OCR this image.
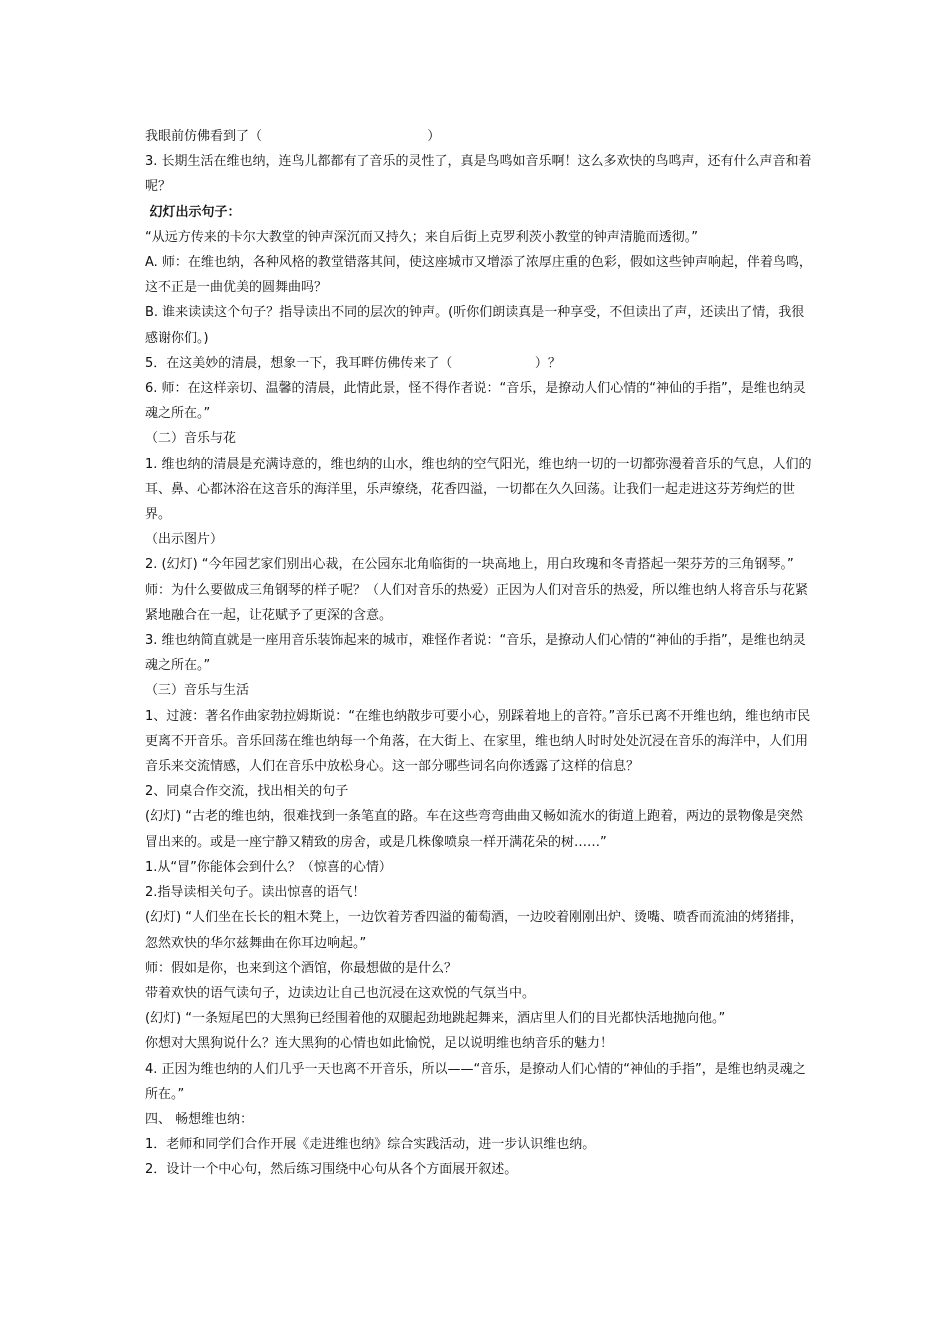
我眼前仿佛看到了（                                        ）

3. 长期生活在维也纳，连鸟儿都都有了音乐的灵性了，真是鸟鸣如音乐啊！这么多欢快的鸟鸣声，还有什么声音和着呢？

幻灯出示句子：

“从远方传来的卡尔大教堂的钟声深沉而又持久；来自后街上克罗利茨小教堂的钟声清脆而透彻。”

A. 师：在维也纳，各种风格的教堂错落其间，使这座城市又增添了浓厚庄重的色彩，假如这些钟声响起，伴着鸟鸣，这不正是一曲优美的圆舞曲吗？

B. 谁来读读这个句子？指导读出不同的层次的钟声。(听你们朗读真是一种享受，不但读出了声，还读出了情，我很感谢你们。)

5．在这美妙的清晨，想象一下，我耳畔仿佛传来了（                    ）？

6. 师：在这样亲切、温馨的清晨，此情此景，怪不得作者说：“音乐，是撩动人们心情的“神仙的手指”，是维也纳灵魂之所在。”

（二）音乐与花

1. 维也纳的清晨是充满诗意的，维也纳的山水，维也纳的空气阳光，维也纳一切的一切都弥漫着音乐的气息，人们的耳、鼻、心都沐浴在这音乐的海洋里，乐声缭绕，花香四溢，一切都在久久回荡。让我们一起走进这芬芳绚烂的世界。

（出示图片）

2. (幻灯) “今年园艺家们别出心裁，在公园东北角临街的一块高地上，用白玫瑰和冬青搭起一架芬芳的三角钢琴。”

师：为什么要做成三角钢琴的样子呢？（人们对音乐的热爱）正因为人们对音乐的热爱，所以维也纳人将音乐与花紧紧地融合在一起，让花赋予了更深的含意。

3. 维也纳简直就是一座用音乐装饰起来的城市，难怪作者说：“音乐，是撩动人们心情的“神仙的手指”，是维也纳灵魂之所在。”

（三）音乐与生活

1、过渡：著名作曲家勃拉姆斯说：“在维也纳散步可要小心，别踩着地上的音符。”音乐已离不开维也纳，维也纳市民更离不开音乐。音乐回荡在维也纳每一个角落，在大街上、在家里，维也纳人时时处处沉浸在音乐的海洋中，人们用音乐来交流情感，人们在音乐中放松身心。这一部分哪些词名向你透露了这样的信息？

2、同桌合作交流，找出相关的句子

(幻灯) “古老的维也纳，很难找到一条笔直的路。车在这些弯弯曲曲又畅如流水的街道上跑着，两边的景物像是突然冒出来的。或是一座宁静又精致的房舍，或是几株像喷泉一样开满花朵的树……”

1.从“冒”你能体会到什么？（惊喜的心情）

2.指导读相关句子。读出惊喜的语气！

(幻灯) “人们坐在长长的粗木凳上，一边饮着芳香四溢的葡萄酒，一边咬着刚刚出炉、烫嘴、喷香而流油的烤猪排，忽然欢快的华尔兹舞曲在你耳边响起。”

师：假如是你，也来到这个酒馆，你最想做的是什么？

带着欢快的语气读句子，边读边让自己也沉浸在这欢悦的气氛当中。

(幻灯) “一条短尾巴的大黑狗已经围着他的双腿起劲地跳起舞来，酒店里人们的目光都快活地抛向他。”

你想对大黑狗说什么？连大黑狗的心情也如此愉悦，足以说明维也纳音乐的魅力！

4. 正因为维也纳的人们几乎一天也离不开音乐，所以——“音乐，是撩动人们心情的“神仙的手指”，是维也纳灵魂之所在。”

四、 畅想维也纳：

1．老师和同学们合作开展《走进维也纳》综合实践活动，进一步认识维也纳。

2．设计一个中心句，然后练习围绕中心句从各个方面展开叙述。
